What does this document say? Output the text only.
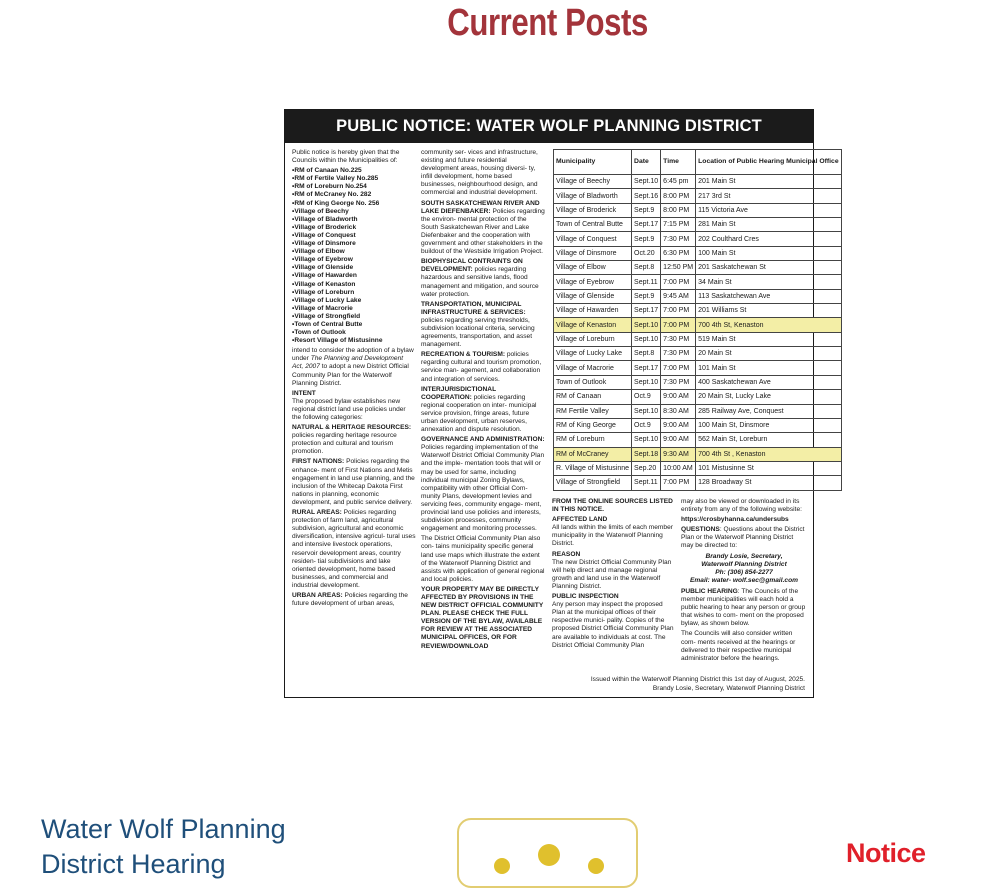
Current Posts
PUBLIC NOTICE: WATER WOLF PLANNING DISTRICT

Public notice is hereby given that the Councils within the Municipalities of:

• RM of Canaan No.225
• RM of Fertile Valley No.285
• RM of Loreburn No.254
• RM of McCraney No. 282
• RM of King George No. 256
• Village of Beechy
• Village of Bladworth
• Village of Broderick
• Village of Conquest
• Village of Dinsmore
• Village of Elbow
• Village of Eyebrow
• Village of Glenside
• Village of Hawarden
• Village of Kenaston
• Village of Loreburn
• Village of Lucky Lake
• Village of Macrorie
• Village of Strongfield
• Town of Central Butte
• Town of Outlook
• Resort Village of Mistusinne

intend to consider the adoption of a bylaw under The Planning and Development Act, 2007 to adopt a new District Official Community Plan for the Waterwolf Planning District.

INTENT

The proposed bylaw establishes new regional district land use policies under the following categories:

NATURAL & HERITAGE RESOURCES:
policies regarding heritage resource protection and cultural and tourism promotion.

FIRST NATIONS: Policies regarding the enhance- ment of First Nations and Metis engagement in land use planning, and the inclusion of the Whitecap Dakota First nations in planning, economic development, and public service delivery.

RURAL AREAS: Policies regarding protection of farm land, agricultural subdivision, agricultural and economic diversification, intensive agricul- tural uses and intensive livestock operations, reservoir development areas, country residen- tial subdivisions and lake oriented development, home based businesses, and commercial and industrial development.

URBAN AREAS: Policies regarding the future development of urban areas,

community ser- vices and infrastructure, existing and future residential development areas, housing diversi- ty, infill development, home based businesses, neighbourhood design, and commercial and industrial development.

SOUTH SASKATCHEWAN RIVER AND LAKE DIEFENBAKER: Policies regarding the environ- mental protection of the South Saskatchewan River and Lake Diefenbaker and the cooperation with government and other stakeholders in the buildout of the Westside Irrigation Project.

BIOPHYSICAL CONTRAINTS ON DEVELOPMENT: policies regarding hazardous and sensitive lands, flood management and mitigation, and source water protection.

TRANSPORTATION, MUNICIPAL INFRASTRUCTURE & SERVICES: policies regarding serving thresholds, subdivision locational criteria, servicing agreements, transportation, and asset management.

RECREATION & TOURISM: policies regarding cultural and tourism promotion, service man- agement, and collaboration and integration of services.

INTERJURISDICTIONAL COOPERATION: policies regarding regional cooperation on inter- municipal service provision, fringe areas, future urban development, urban reserves, annexation and dispute resolution.

GOVERNANCE AND ADMINISTRATION: Policies regarding implementation of the Waterwolf District Official Community Plan and the imple- mentation tools that will or may be used for same, including individual municipal Zoning Bylaws, compatibility with other Official Com- munity Plans, development levies and servicing fees, community engage- ment, provincial land use policies and interests, subdivision processes, community engagement and monitoring processes.

The District Official Community Plan also con- tains municipality specific general land use maps which illustrate the extent of the Waterwolf Planning District and assists with application of general regional and local policies.

YOUR PROPERTY MAY BE DIRECTLY AFFECTED BY PROVISIONS IN THE NEW DISTRICT OFFICIAL COMMUNITY PLAN. PLEASE CHECK THE FULL VERSION OF THE BYLAW, AVAILABLE FOR REVIEW AT THE ASSOCIATED MUNICIPAL OFFICES, OR FOR REVIEW/DOWNLOAD

Municipality	Date	Time	Location of Public Hearing Municipal Office
Village of Beechy	Sept.10	6:45 pm	201 Main St
Village of Bladworth	Sept.16	8:00 PM	217 3rd St
Village of Broderick	Sept.9	8:00 PM	115 Victoria Ave
Town of Central Butte	Sept.17	7:15 PM	281 Main St
Village of Conquest	Sept.9	7:30 PM	202 Coulthard Cres
Village of Dinsmore	Oct.20	6:30 PM	100 Main St
Village of Elbow	Sept.8	12:50 PM	201 Saskatchewan St
Village of Eyebrow	Sept.11	7:00 PM	34 Main St
Village of Glenside	Sept.9	9:45 AM	113 Saskatchewan Ave
Village of Hawarden	Sept.17	7:00 PM	201 Williams St
Village of Kenaston	Sept.10	7:00 PM	700 4th St, Kenaston
Village of Loreburn	Sept.10	7:30 PM	519 Main St
Village of Lucky Lake	Sept.8	7:30 PM	20 Main St
Village of Macrorie	Sept.17	7:00 PM	101 Main St
Town of Outlook	Sept.10	7:30 PM	400 Saskatchewan Ave
RM of Canaan	Oct.9	9:00 AM	20 Main St, Lucky Lake
RM Fertile Valley	Sept.10	8:30 AM	285 Railway Ave, Conquest
RM of King George	Oct.9	9:00 AM	100 Main St, Dinsmore
RM of Loreburn	Sept.10	9:00 AM	562 Main St, Loreburn
RM of McCraney	Sept.18	9:30 AM	700 4th St , Kenaston
R. Village of Mistusinne	Sep.20	10:00 AM	101 Mistusinne St
Village of Strongfield	Sept.11	7:00 PM	128 Broadway St

FROM THE ONLINE SOURCES LISTED IN THIS NOTICE.

AFFECTED LAND

All lands within the limits of each member municipality in the Waterwolf Planning District.

REASON

The new District Official Community Plan will help direct and manage regional growth and land use in the Waterwolf Planning District.

PUBLIC INSPECTION

Any person may inspect the proposed Plan at the municipal offices of their respective munici- pality. Copies of the proposed District Official Community Plan are available to individuals at cost. The District Official Community Plan

may also be viewed or downloaded in its entirety from any of the following website:

https://crosbyhanna.ca/undersubs

QUESTIONS: Questions about the District Plan or the Waterwolf Planning District may be directed to:

Brandy Losie, Secretary,
Waterwolf Planning District
Ph: (306) 854-2277
Email: water- wolf.sec@gmail.com

PUBLIC HEARING: The Councils of the member municipalities will each hold a public hearing to hear any person or group that wishes to com- ment on the proposed bylaw, as shown below.

The Councils will also consider written com- ments received at the hearings or delivered to their respective municipal administrator before the hearings.

Issued within the Waterwolf Planning District this 1st day of August, 2025.
Brandy Losie, Secretary, Waterwolf Planning District
Water Wolf Planning District Hearing	Notice
